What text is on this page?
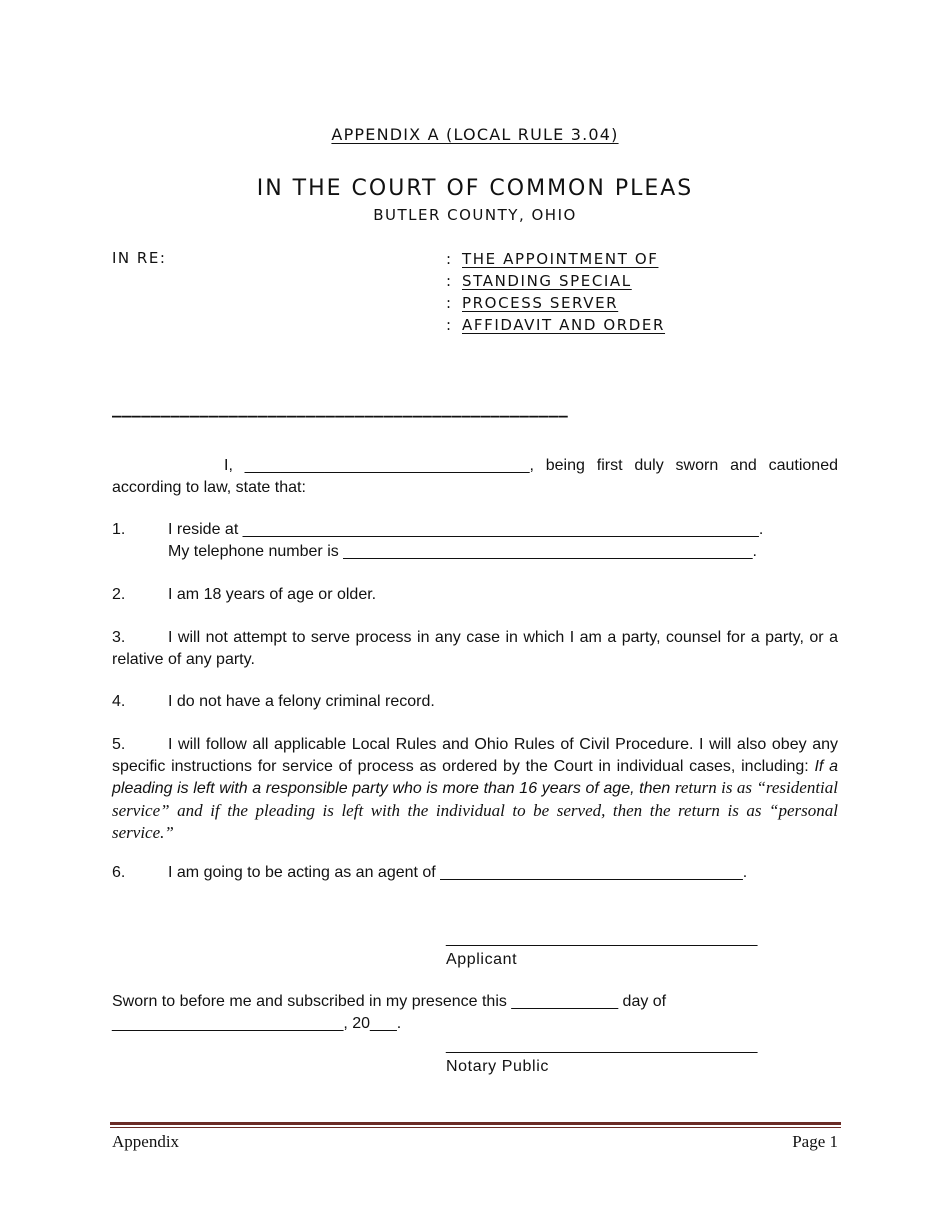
APPENDIX A (LOCAL RULE 3.04)
IN THE COURT OF COMMON PLEAS
BUTLER COUNTY, OHIO
IN RE:	: THE APPOINTMENT OF
: STANDING SPECIAL
: PROCESS SERVER
: AFFIDAVIT AND ORDER
_______________________________________________
I, ________________________________, being first duly sworn and cautioned
according to law, state that:
1.	I reside at __________________________________________________________.
My telephone number is ______________________________________________.
2.	I am 18 years of age or older.
3.	I will not attempt to serve process in any case in which I am a party, counsel for a party, or a relative of any party.
4.	I do not have a felony criminal record.
5.	I will follow all applicable Local Rules and Ohio Rules of Civil Procedure. I will also obey any specific instructions for service of process as ordered by the Court in individual cases, including: If a pleading is left with a responsible party who is more than 16 years of age, then return is as “residential service” and if the pleading is left with the individual to be served, then the return is as “personal service.”
6.	I am going to be acting as an agent of __________________________________.
___________________________________
Applicant
Sworn to before me and subscribed in my presence this ____________ day of
__________________________, 20___.
___________________________________
Notary Public
Appendix	Page 1
